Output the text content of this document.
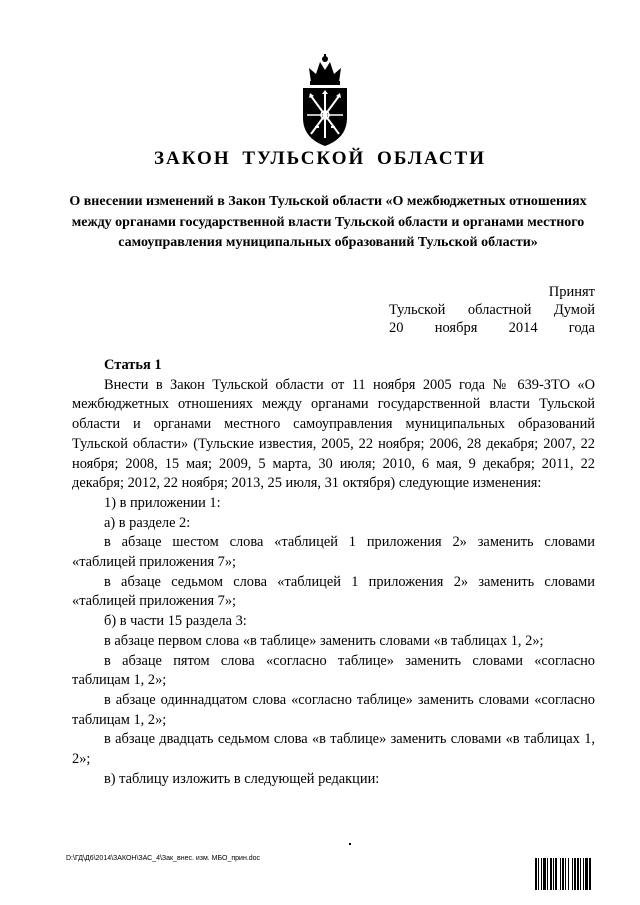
ЗАКОН ТУЛЬСКОЙ ОБЛАСТИ
О внесении изменений в Закон Тульской области «О межбюджетных отношениях между органами государственной власти Тульской области и органами местного самоуправления муниципальных образований Тульской области»
Принят
Тульской областной Думой
20 ноября 2014 года

Статья 1

Внести в Закон Тульской области от 11 ноября 2005 года № 639-ЗТО «О межбюджетных отношениях между органами государственной власти Тульской области и органами местного самоуправления муниципальных образований Тульской области» (Тульские известия, 2005, 22 ноября; 2006, 28 декабря; 2007, 22 ноября; 2008, 15 мая; 2009, 5 марта, 30 июля; 2010, 6 мая, 9 декабря; 2011, 22 декабря; 2012, 22 ноября; 2013, 25 июля, 31 октября) следующие изменения:

1) в приложении 1:

а) в разделе 2:

в абзаце шестом слова «таблицей 1 приложения 2» заменить словами «таблицей приложения 7»;

в абзаце седьмом слова «таблицей 1 приложения 2» заменить словами «таблицей приложения 7»;

б) в части 15 раздела 3:

в абзаце первом слова «в таблице» заменить словами «в таблицах 1, 2»;

в абзаце пятом слова «согласно таблице» заменить словами «согласно таблицам 1, 2»;

в абзаце одиннадцатом слова «согласно таблице» заменить словами «согласно таблицам 1, 2»;

в абзаце двадцать седьмом слова «в таблице» заменить словами «в таблицах 1, 2»;

в) таблицу изложить в следующей редакции:

D:\ГД\Д6\2014\ЗАКОН\ЗАС_4\Зак_внес. изм. МБО_прин.doc
